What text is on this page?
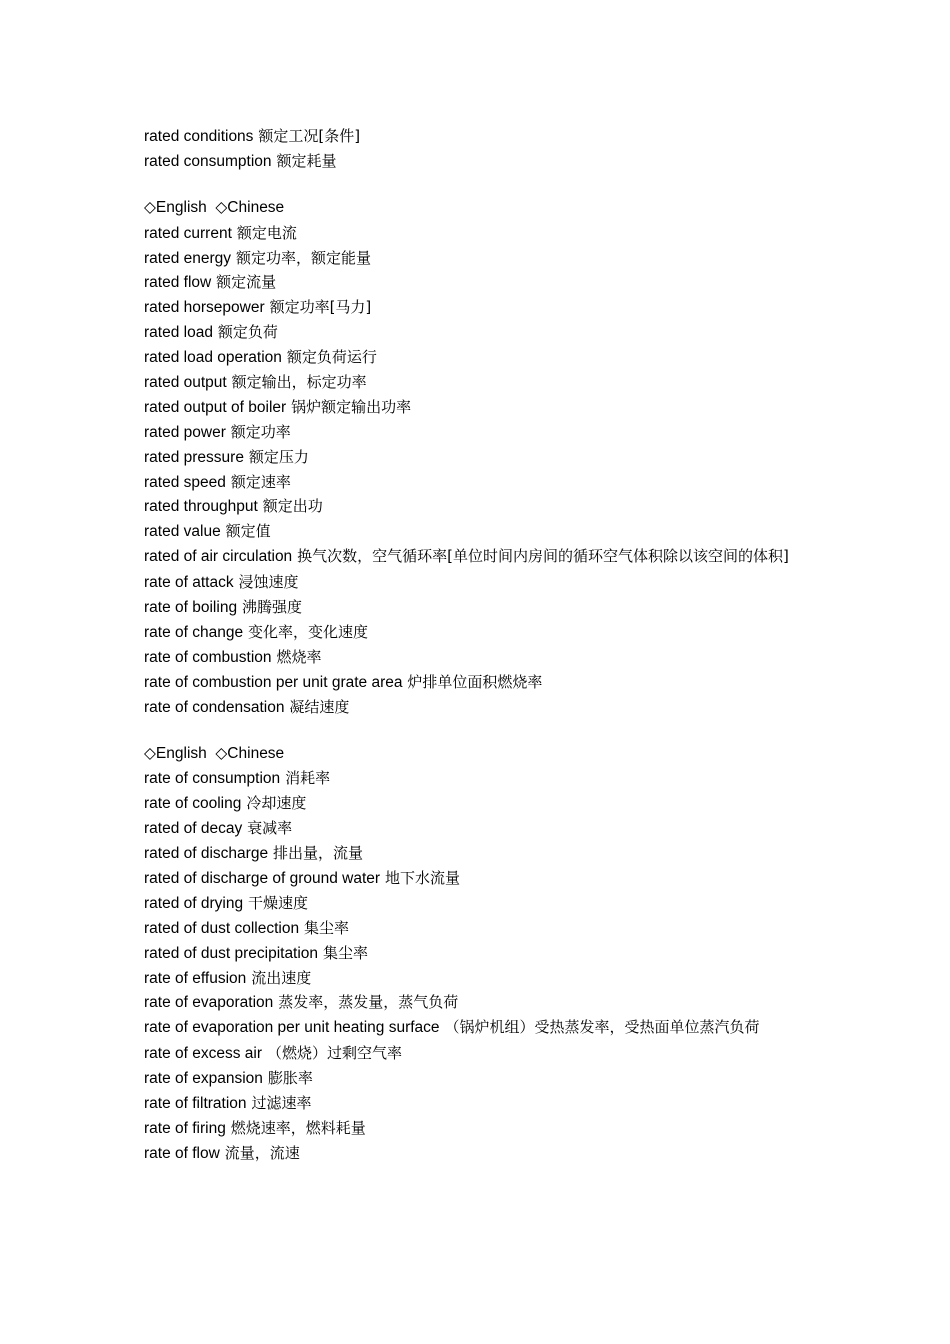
rated conditions 额定工况[条件]
rated consumption 额定耗量
◇English ◇Chinese
rated current 额定电流
rated energy 额定功率，额定能量
rated flow 额定流量
rated horsepower 额定功率[马力]
rated load 额定负荷
rated load operation 额定负荷运行
rated output 额定输出，标定功率
rated output of boiler 锅炉额定输出功率
rated power 额定功率
rated pressure 额定压力
rated speed 额定速率
rated throughput 额定出功
rated value 额定值
rated of air circulation 换气次数，空气循环率[单位时间内房间的循环空气体积除以该空间的体积]
rate of attack 浸蚀速度
rate of boiling 沸腾强度
rate of change 变化率，变化速度
rate of combustion 燃烧率
rate of combustion per unit grate area 炉排单位面积燃烧率
rate of condensation 凝结速度
◇English ◇Chinese
rate of consumption 消耗率
rate of cooling 冷却速度
rated of decay 衰减率
rated of discharge 排出量，流量
rated of discharge of ground water 地下水流量
rated of drying 干燥速度
rated of dust collection 集尘率
rated of dust precipitation 集尘率
rate of effusion 流出速度
rate of evaporation 蒸发率，蒸发量，蒸气负荷
rate of evaporation per unit heating surface （锅炉机组）受热蒸发率，受热面单位蒸汽负荷
rate of excess air （燃烧）过剩空气率
rate of expansion 膨胀率
rate of filtration 过滤速率
rate of firing 燃烧速率，燃料耗量
rate of flow 流量，流速
